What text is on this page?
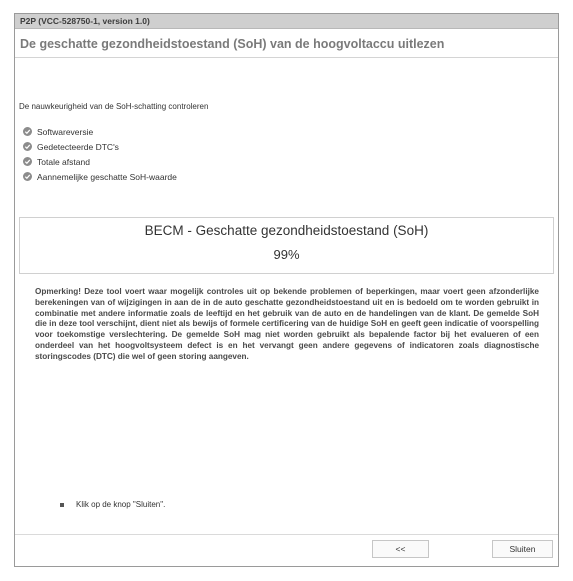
P2P (VCC-528750-1, version 1.0)
De geschatte gezondheidstoestand (SoH) van de hoogvoltaccu uitlezen
De nauwkeurigheid van de SoH-schatting controleren
Softwareversie
Gedetecteerde DTC's
Totale afstand
Aannemelijke geschatte SoH-waarde
BECM - Geschatte gezondheidstoestand (SoH)
99%
Opmerking! Deze tool voert waar mogelijk controles uit op bekende problemen of beperkingen, maar voert geen afzonderlijke berekeningen van of wijzigingen in aan de in de auto geschatte gezondheidstoestand uit en is bedoeld om te worden gebruikt in combinatie met andere informatie zoals de leeftijd en het gebruik van de auto en de handelingen van de klant. De gemelde SoH die in deze tool verschijnt, dient niet als bewijs of formele certificering van de huidige SoH en geeft geen indicatie of voorspelling voor toekomstige verslechtering. De gemelde SoH mag niet worden gebruikt als bepalende factor bij het evalueren of een onderdeel van het hoogvoltsysteem defect is en het vervangt geen andere gegevens of indicatoren zoals diagnostische storingscodes (DTC) die wel of geen storing aangeven.
Klik op de knop "Sluiten".
<<	Sluiten
